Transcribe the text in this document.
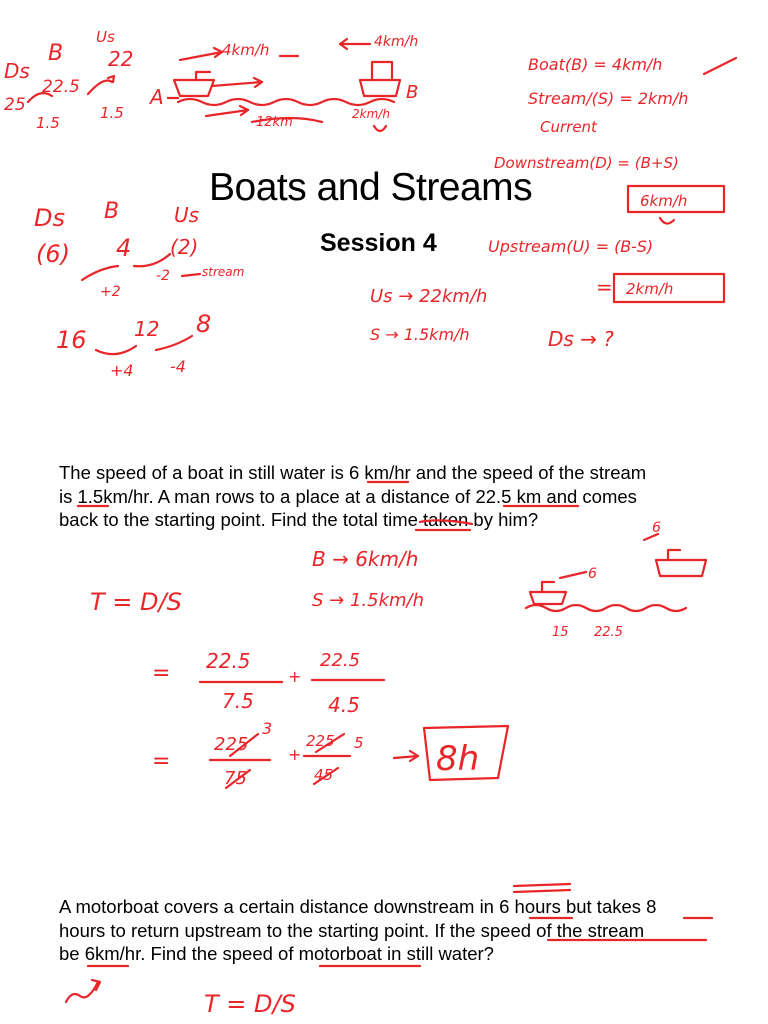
Boats and Streams
Session 4
The speed of a boat in still water is 6 km/hr and the speed of the stream
is 1.5km/hr. A man rows to a place at a distance of 22.5 km and comes
back to the starting point. Find the total time taken by him?
A motorboat covers a certain distance downstream in 6 hours but takes 8
hours to return upstream to the starting point. If the speed of the stream
be 6km/hr. Find the speed of motorboat in still water?
Ds
B
Us
25
22.5
22
1.5
1.5
4km/h	4km/h
A	B
12km
2km/h
Boat(B) = 4km/h
Stream/(S) = 2km/h
Current
Downstream(D) = (B+S)
6km/h
Upstream(U) = (B-S)
= 2km/h
Ds B	Us
(6) 4 (2)
+2
-2	stream
16 12 8
+4 -4
Us → 22km/h
S → 1.5km/h	Ds → ?
T = D/S
B → 6km/h
S → 1.5km/h
6
6
15 22.5
= 22.5
7.5
+
22.5
4.5
=
225
3
75
+
225 5
45	8h
T = D/S
